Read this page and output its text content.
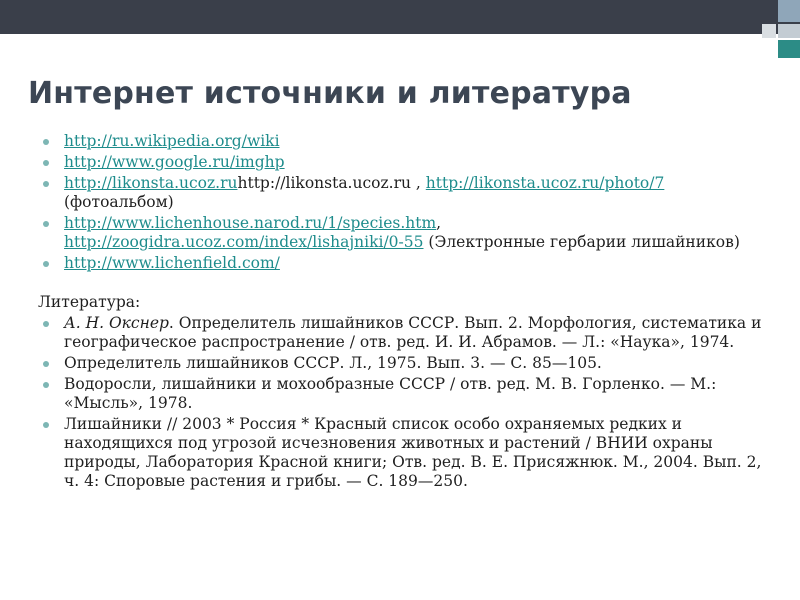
Интернет источники и литература
http://ru.wikipedia.org/wiki
http://www.google.ru/imghp
http://likonsta.ucoz.ruhttp://likonsta.ucoz.ru , http://likonsta.ucoz.ru/photo/7 (фотоальбом)
http://www.lichenhouse.narod.ru/1/species.htm, http://zoogidra.ucoz.com/index/lishajniki/0-55 (Электронные гербарии лишайников)
http://www.lichenfield.com/
Литература:
А. Н. Окснер. Определитель лишайников СССР. Вып. 2. Морфология, систематика и географическое распространение / отв. ред. И. И. Абрамов. — Л.: «Наука», 1974.
Определитель лишайников СССР. Л., 1975. Вып. 3. — С. 85—105.
Водоросли, лишайники и мохообразные СССР / отв. ред. М. В. Горленко. — М.: «Мысль», 1978.
Лишайники // 2003 * Россия * Красный список особо охраняемых редких и находящихся под угрозой исчезновения животных и растений / ВНИИ охраны природы, Лаборатория Красной книги; Отв. ред. В. Е. Присяжнюк. М., 2004. Вып. 2, ч. 4: Споровые растения и грибы. — С. 189—250.
